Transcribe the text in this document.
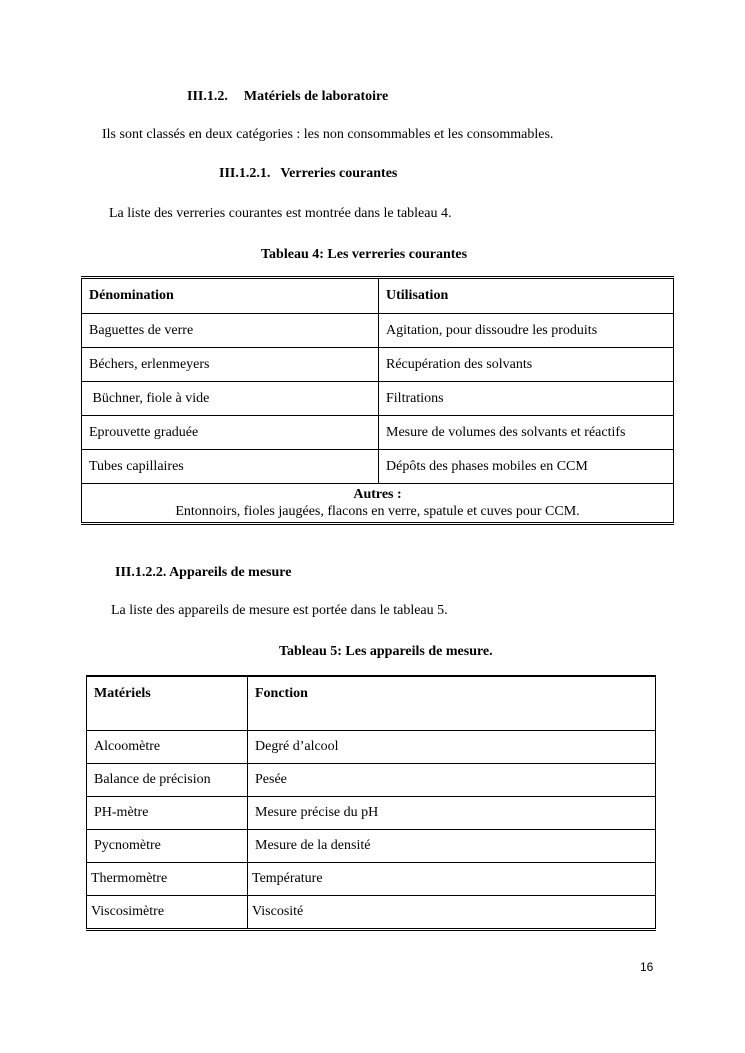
III.1.2. Matériels de laboratoire
Ils sont classés en deux catégories : les non consommables et les consommables.
III.1.2.1. Verreries courantes
La liste des verreries courantes est montrée dans le tableau 4.
Tableau 4: Les verreries courantes
Dénomination	Utilisation
Baguettes de verre	Agitation, pour dissoudre les produits
Béchers, erlenmeyers	Récupération des solvants
Büchner, fiole à vide	Filtrations
Eprouvette graduée	Mesure de volumes des solvants et réactifs
Tubes capillaires	Dépôts des phases mobiles en CCM

Autres :
Entonnoirs, fioles jaugées, flacons en verre, spatule et cuves pour CCM.	
III.1.2.2. Appareils de mesure
La liste des appareils de mesure est portée dans le tableau 5.
Tableau 5: Les appareils de mesure.
Matériels	Fonction
Alcoomètre	Degré d’alcool
Balance de précision	Pesée
PH-mètre	Mesure précise du pH
Pycnomètre	Mesure de la densité
Thermomètre	Température
Viscosimètre	Viscosité
16
